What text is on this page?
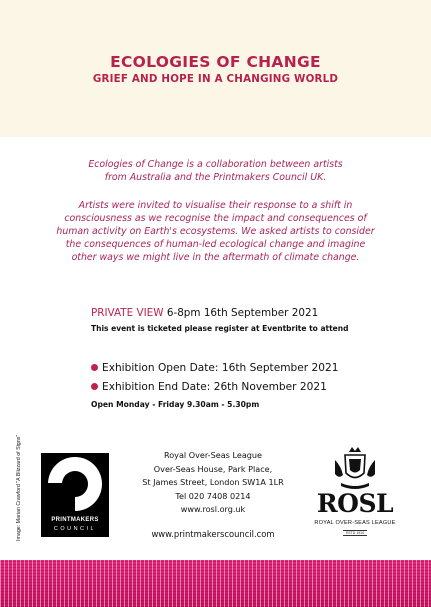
ECOLOGIES OF CHANGE
GRIEF AND HOPE IN A CHANGING WORLD
Ecologies of Change is a collaboration between artists
from Australia and the Printmakers Council UK.
Artists were invited to visualise their response to a shift in
consciousness as we recognise the impact and consequences of
human activity on Earth's ecosystems. We asked artists to consider
the consequences of human-led ecological change and imagine
other ways we might live in the aftermath of climate change.
PRIVATE VIEW 6-8pm 16th September 2021
This event is ticketed please register at Eventbrite to attend
Exhibition Open Date: 16th September 2021
Exhibition End Date: 26th November 2021
Open Monday - Friday 9.30am - 5.30pm
Image: Marian Crawford "A Blizzard of Signs"	PRINTMAKERS
COUNCIL
Royal Over-Seas League
Over-Seas House, Park Place,
St James Street, London SW1A 1LR
Tel 020 7408 0214
www.rosl.org.uk
www.printmakerscouncil.com
ROSL
ROYAL OVER-SEAS LEAGUE
ESTD 1910
